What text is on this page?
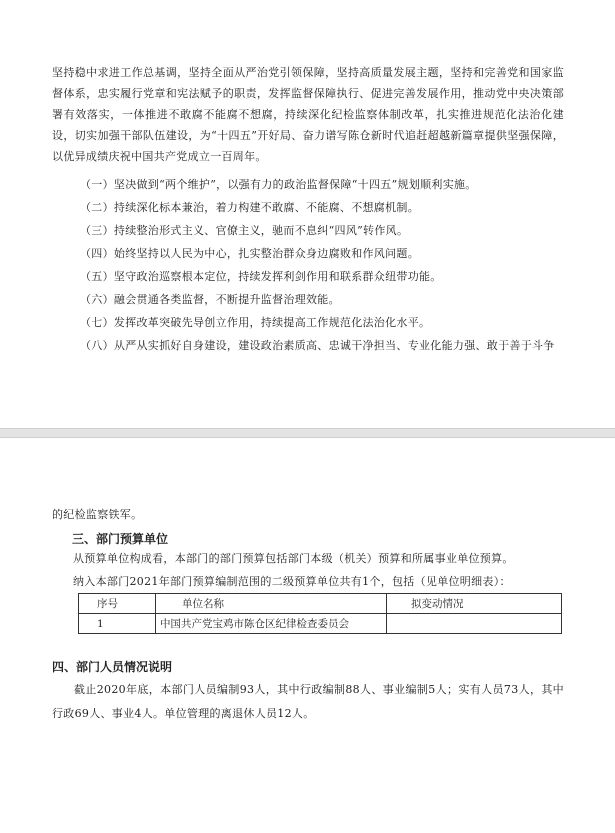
坚持稳中求进工作总基调，坚持全面从严治党引领保障，坚持高质量发展主题，坚持和完善党和国家监督体系，忠实履行党章和宪法赋予的职责，发挥监督保障执行、促进完善发展作用，推动党中央决策部署有效落实，一体推进不敢腐不能腐不想腐，持续深化纪检监察体制改革，扎实推进规范化法治化建设，切实加强干部队伍建设，为“十四五”开好局、奋力谱写陈仓新时代追赶超越新篇章提供坚强保障，以优异成绩庆祝中国共产党成立一百周年。

（一）坚决做到“两个维护”，以强有力的政治监督保障“十四五”规划顺利实施。

（二）持续深化标本兼治，着力构建不敢腐、不能腐、不想腐机制。

（三）持续整治形式主义、官僚主义，驰而不息纠“四风”转作风。

（四）始终坚持以人民为中心，扎实整治群众身边腐败和作风问题。

（五）坚守政治巡察根本定位，持续发挥利剑作用和联系群众纽带功能。

（六）融会贯通各类监督，不断提升监督治理效能。

（七）发挥改革突破先导创立作用，持续提高工作规范化法治化水平。

（八）从严从实抓好自身建设，建设政治素质高、忠诚干净担当、专业化能力强、敢于善于斗争

的纪检监察铁军。

三、部门预算单位

从预算单位构成看，本部门的部门预算包括部门本级（机关）预算和所属事业单位预算。

纳入本部门2021年部门预算编制范围的二级预算单位共有1个，包括（见单位明细表）：

序号	单位名称	拟变动情况
1	中国共产党宝鸡市陈仓区纪律检查委员会	

四、部门人员情况说明

截止2020年底，本部门人员编制93人，其中行政编制88人、事业编制5人；实有人员73人，其中行政69人、事业4人。单位管理的离退休人员12人。
